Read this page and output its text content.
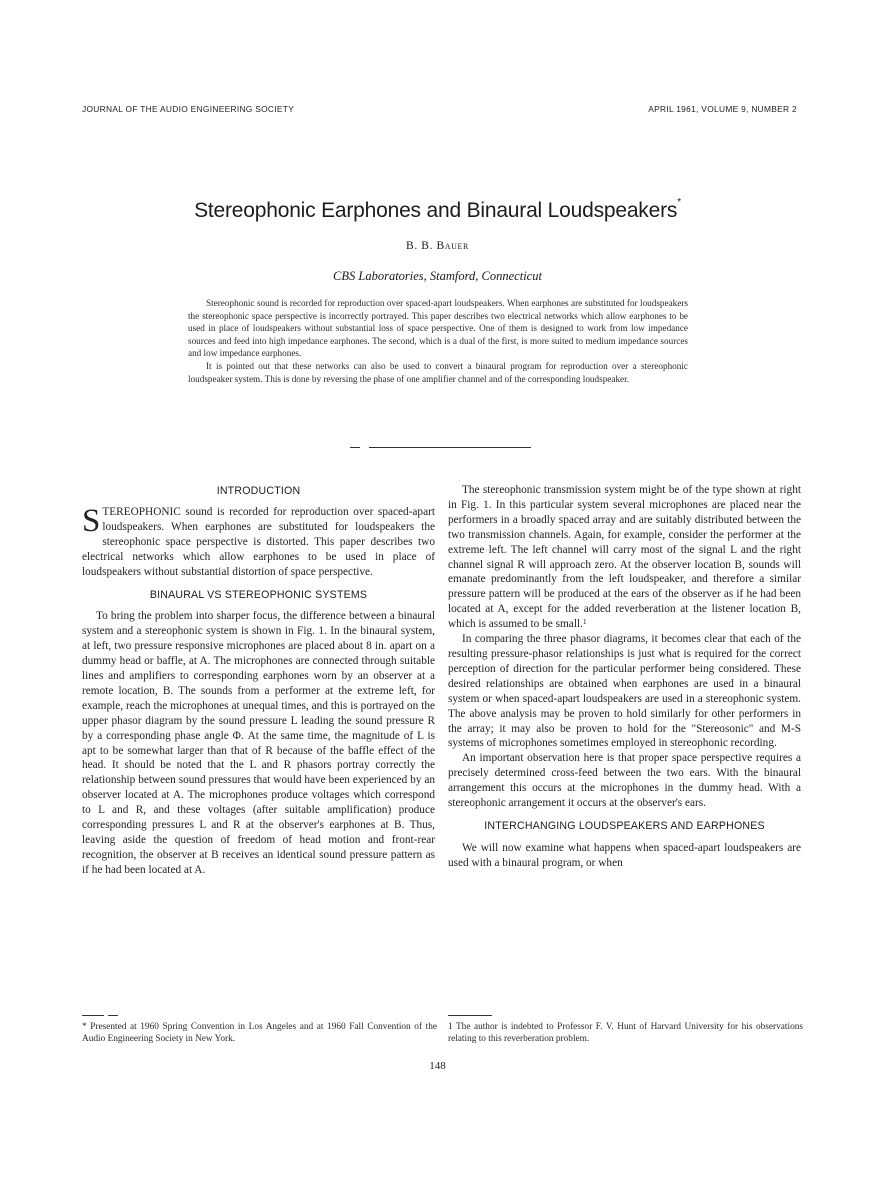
JOURNAL OF THE AUDIO ENGINEERING SOCIETY	APRIL 1961, VOLUME 9, NUMBER 2
Stereophonic Earphones and Binaural Loudspeakers*
B. B. Bauer
CBS Laboratories, Stamford, Connecticut

Stereophonic sound is recorded for reproduction over spaced-apart loudspeakers. When earphones are substituted for loudspeakers the stereophonic space perspective is incorrectly portrayed. This paper describes two electrical networks which allow earphones to be used in place of loudspeakers without substantial loss of space perspective. One of them is designed to work from low impedance sources and feed into high impedance earphones. The second, which is a dual of the first, is more suited to medium impedance sources and low impedance earphones.

It is pointed out that these networks can also be used to convert a binaural program for reproduction over a stereophonic loudspeaker system. This is done by reversing the phase of one amplifier channel and of the corresponding loudspeaker.

INTRODUCTION

STEREOPHONIC sound is recorded for reproduction over spaced-apart loudspeakers. When earphones are substituted for loudspeakers the stereophonic space perspective is distorted. This paper describes two electrical networks which allow earphones to be used in place of loudspeakers without substantial distortion of space perspective.

BINAURAL VS STEREOPHONIC SYSTEMS

To bring the problem into sharper focus, the difference between a binaural system and a stereophonic system is shown in Fig. 1. In the binaural system, at left, two pressure responsive microphones are placed about 8 in. apart on a dummy head or baffle, at A. The microphones are connected through suitable lines and amplifiers to corresponding earphones worn by an observer at a remote location, B. The sounds from a performer at the extreme left, for example, reach the microphones at unequal times, and this is portrayed on the upper phasor diagram by the sound pressure L leading the sound pressure R by a corresponding phase angle Φ. At the same time, the magnitude of L is apt to be somewhat larger than that of R because of the baffle effect of the head. It should be noted that the L and R phasors portray correctly the relationship between sound pressures that would have been experienced by an observer located at A. The microphones produce voltages which correspond to L and R, and these voltages (after suitable amplification) produce corresponding pressures L and R at the observer's earphones at B. Thus, leaving aside the question of freedom of head motion and front-rear recognition, the observer at B receives an identical sound pressure pattern as if he had been located at A.

The stereophonic transmission system might be of the type shown at right in Fig. 1. In this particular system several microphones are placed near the performers in a broadly spaced array and are suitably distributed between the two transmission channels. Again, for example, consider the performer at the extreme left. The left channel will carry most of the signal L and the right channel signal R will approach zero. At the observer location B, sounds will emanate predominantly from the left loudspeaker, and therefore a similar pressure pattern will be produced at the ears of the observer as if he had been located at A, except for the added reverberation at the listener location B, which is assumed to be small.$^1$

In comparing the three phasor diagrams, it becomes clear that each of the resulting pressure-phasor relationships is just what is required for the correct perception of direction for the particular performer being considered. These desired relationships are obtained when earphones are used in a binaural system or when spaced-apart loudspeakers are used in a stereophonic system. The above analysis may be proven to hold similarly for other performers in the array; it may also be proven to hold for the "Stereosonic" and M-S systems of microphones sometimes employed in stereophonic recording.

An important observation here is that proper space perspective requires a precisely determined cross-feed between the two ears. With the binaural arrangement this occurs at the microphones in the dummy head. With a stereophonic arrangement it occurs at the observer's ears.

INTERCHANGING LOUDSPEAKERS AND EARPHONES

We will now examine what happens when spaced-apart loudspeakers are used with a binaural program, or when

* Presented at 1960 Spring Convention in Los Angeles and at 1960 Fall Convention of the Audio Engineering Society in New York.
1 The author is indebted to Professor F. V. Hunt of Harvard University for his observations relating to this reverberation problem.
148
